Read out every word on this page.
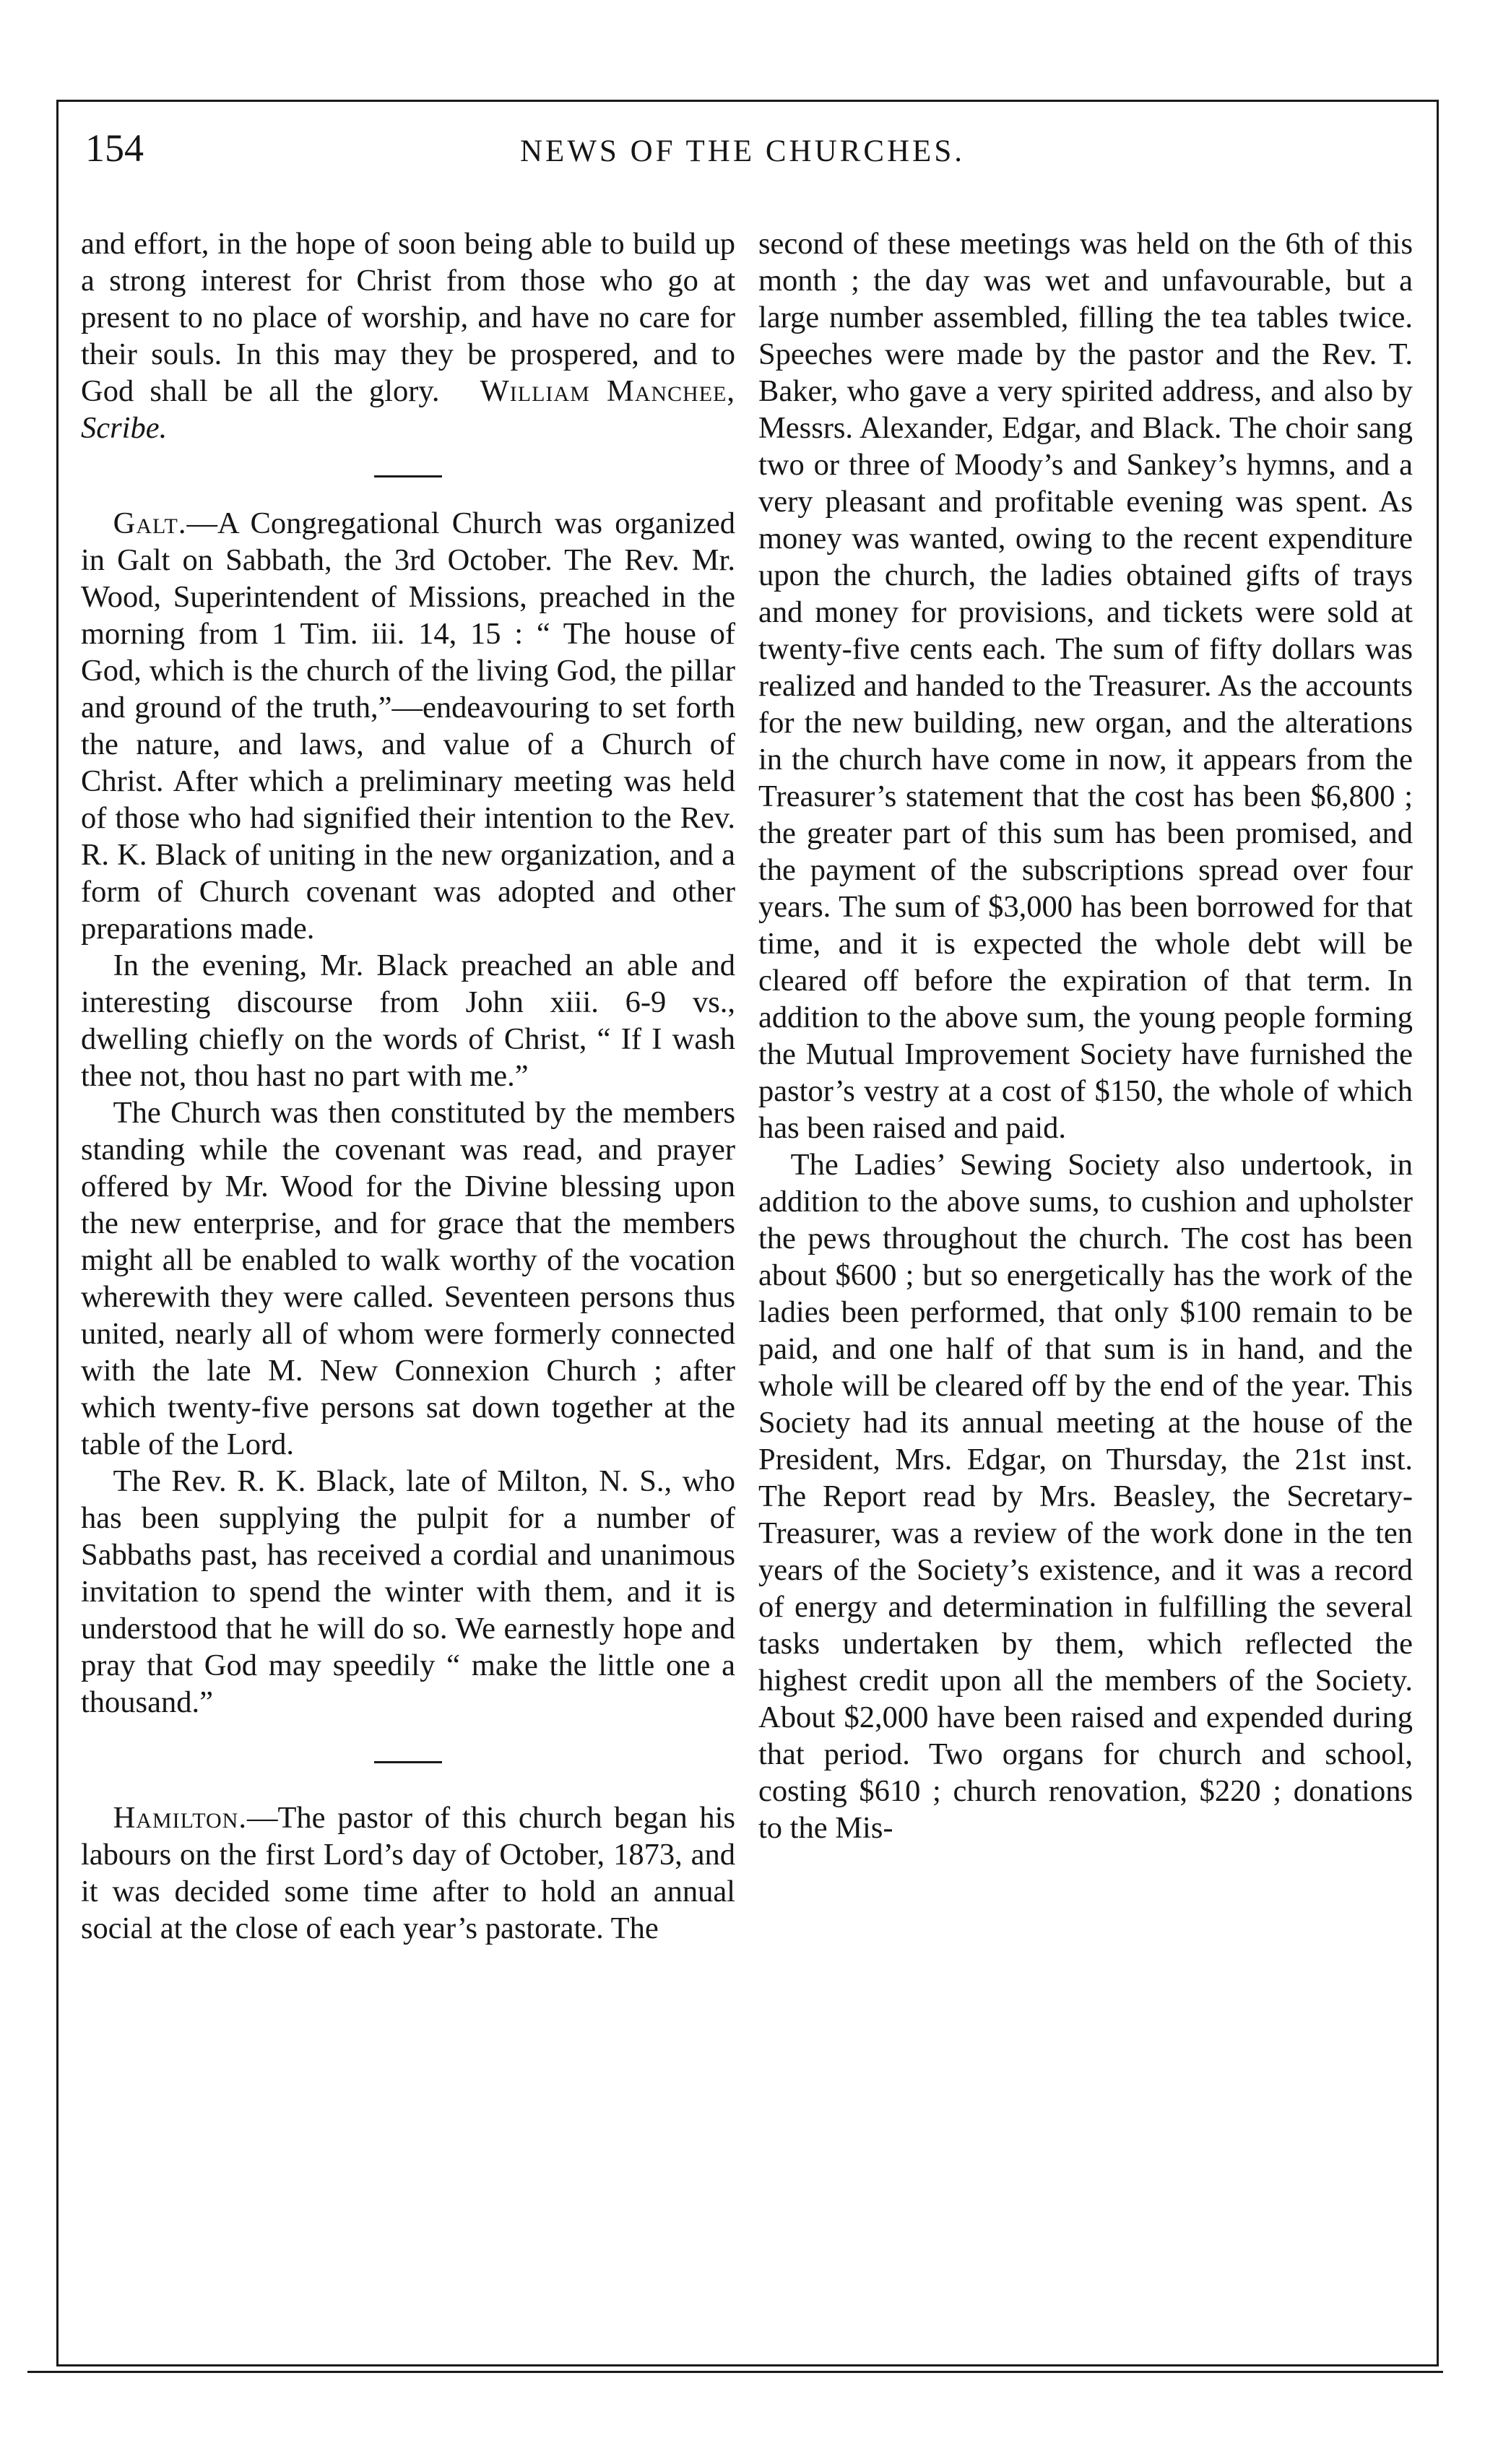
154	NEWS OF THE CHURCHES.

and effort, in the hope of soon being able to build up a strong interest for Christ from those who go at present to no place of worship, and have no care for their souls. In this may they be prospered, and to God shall be all the glory. William Manchee, Scribe.

Galt.—A Congregational Church was organized in Galt on Sabbath, the 3rd October. The Rev. Mr. Wood, Superintendent of Missions, preached in the morning from 1 Tim. iii. 14, 15 : “ The house of God, which is the church of the living God, the pillar and ground of the truth,”—endeavouring to set forth the nature, and laws, and value of a Church of Christ. After which a preliminary meeting was held of those who had signified their intention to the Rev. R. K. Black of uniting in the new organization, and a form of Church covenant was adopted and other preparations made.

In the evening, Mr. Black preached an able and interesting discourse from John xiii. 6-9 vs., dwelling chiefly on the words of Christ, “ If I wash thee not, thou hast no part with me.”

The Church was then constituted by the members standing while the covenant was read, and prayer offered by Mr. Wood for the Divine blessing upon the new enterprise, and for grace that the members might all be enabled to walk worthy of the vocation wherewith they were called. Seventeen persons thus united, nearly all of whom were formerly connected with the late M. New Connexion Church ; after which twenty-five persons sat down together at the table of the Lord.

The Rev. R. K. Black, late of Milton, N. S., who has been supplying the pulpit for a number of Sabbaths past, has received a cordial and unanimous invitation to spend the winter with them, and it is understood that he will do so. We earnestly hope and pray that God may speedily “ make the little one a thousand.”

Hamilton.—The pastor of this church began his labours on the first Lord’s day of October, 1873, and it was decided some time after to hold an annual social at the close of each year’s pastorate. The

second of these meetings was held on the 6th of this month ; the day was wet and unfavourable, but a large number assembled, filling the tea tables twice. Speeches were made by the pastor and the Rev. T. Baker, who gave a very spirited address, and also by Messrs. Alexander, Edgar, and Black. The choir sang two or three of Moody’s and Sankey’s hymns, and a very pleasant and profitable evening was spent. As money was wanted, owing to the recent expenditure upon the church, the ladies obtained gifts of trays and money for provisions, and tickets were sold at twenty-five cents each. The sum of fifty dollars was realized and handed to the Treasurer. As the accounts for the new building, new organ, and the alterations in the church have come in now, it appears from the Treasurer’s statement that the cost has been $6,800 ; the greater part of this sum has been promised, and the payment of the subscriptions spread over four years. The sum of $3,000 has been borrowed for that time, and it is expected the whole debt will be cleared off before the expiration of that term. In addition to the above sum, the young people forming the Mutual Improvement Society have furnished the pastor’s vestry at a cost of $150, the whole of which has been raised and paid.

The Ladies’ Sewing Society also undertook, in addition to the above sums, to cushion and upholster the pews throughout the church. The cost has been about $600 ; but so energetically has the work of the ladies been performed, that only $100 remain to be paid, and one half of that sum is in hand, and the whole will be cleared off by the end of the year. This Society had its annual meeting at the house of the President, Mrs. Edgar, on Thursday, the 21st inst. The Report read by Mrs. Beasley, the Secretary-Treasurer, was a review of the work done in the ten years of the Society’s existence, and it was a record of energy and determination in fulfilling the several tasks undertaken by them, which reflected the highest credit upon all the members of the Society. About $2,000 have been raised and expended during that period. Two organs for church and school, costing $610 ; church renovation, $220 ; donations to the Mis-
